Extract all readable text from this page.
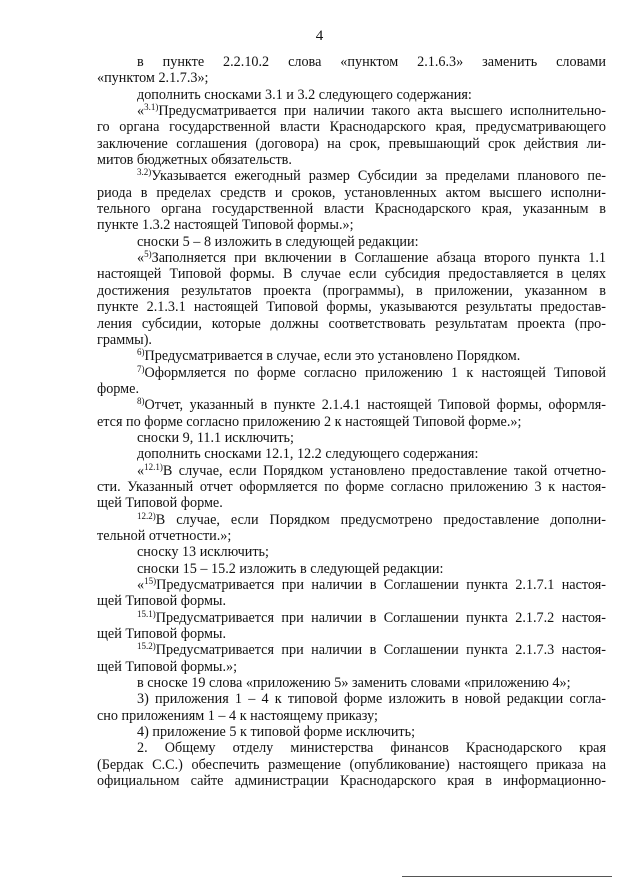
4
в пункте 2.2.10.2 слова «пунктом 2.1.6.3» заменить словами
«пунктом 2.1.7.3»;
дополнить сносками 3.1 и 3.2 следующего содержания:
«$^{3.1)}$Предусматривается при наличии такого акта высшего исполнительно-
го органа государственной власти Краснодарского края, предусматривающего
заключение соглашения (договора) на срок, превышающий срок действия ли-
митов бюджетных обязательств.
$^{3.2)}$Указывается ежегодный размер Субсидии за пределами планового пе-
риода в пределах средств и сроков, установленных актом высшего исполни-
тельного органа государственной власти Краснодарского края, указанным в
пункте 1.3.2 настоящей Типовой формы.»;
сноски 5 – 8 изложить в следующей редакции:
«$^{5)}$Заполняется при включении в Соглашение абзаца второго пункта 1.1
настоящей Типовой формы. В случае если субсидия предоставляется в целях
достижения результатов проекта (программы), в приложении, указанном в
пункте 2.1.3.1 настоящей Типовой формы, указываются результаты предостав-
ления субсидии, которые должны соответствовать результатам проекта (про-
граммы).
$^{6)}$Предусматривается в случае, если это установлено Порядком.
$^{7)}$Оформляется по форме согласно приложению 1 к настоящей Типовой
форме.
$^{8)}$Отчет, указанный в пункте 2.1.4.1 настоящей Типовой формы, оформля-
ется по форме согласно приложению 2 к настоящей Типовой форме.»;
сноски 9, 11.1 исключить;
дополнить сносками 12.1, 12.2 следующего содержания:
«$^{12.1)}$В случае, если Порядком установлено предоставление такой отчетно-
сти. Указанный отчет оформляется по форме согласно приложению 3 к настоя-
щей Типовой форме.
$^{12.2)}$В случае, если Порядком предусмотрено предоставление дополни-
тельной отчетности.»;
сноску 13 исключить;
сноски 15 – 15.2 изложить в следующей редакции:
«$^{15)}$Предусматривается при наличии в Соглашении пункта 2.1.7.1 настоя-
щей Типовой формы.
$^{15.1)}$Предусматривается при наличии в Соглашении пункта 2.1.7.2 настоя-
щей Типовой формы.
$^{15.2)}$Предусматривается при наличии в Соглашении пункта 2.1.7.3 настоя-
щей Типовой формы.»;
в сноске 19 слова «приложению 5» заменить словами «приложению 4»;
3) приложения 1 – 4 к типовой форме изложить в новой редакции согла-
сно приложениям 1 – 4 к настоящему приказу;
4) приложение 5 к типовой форме исключить;
2. Общему отделу министерства финансов Краснодарского края
(Бердак С.С.) обеспечить размещение (опубликование) настоящего приказа на
официальном сайте администрации Краснодарского края в информационно-
